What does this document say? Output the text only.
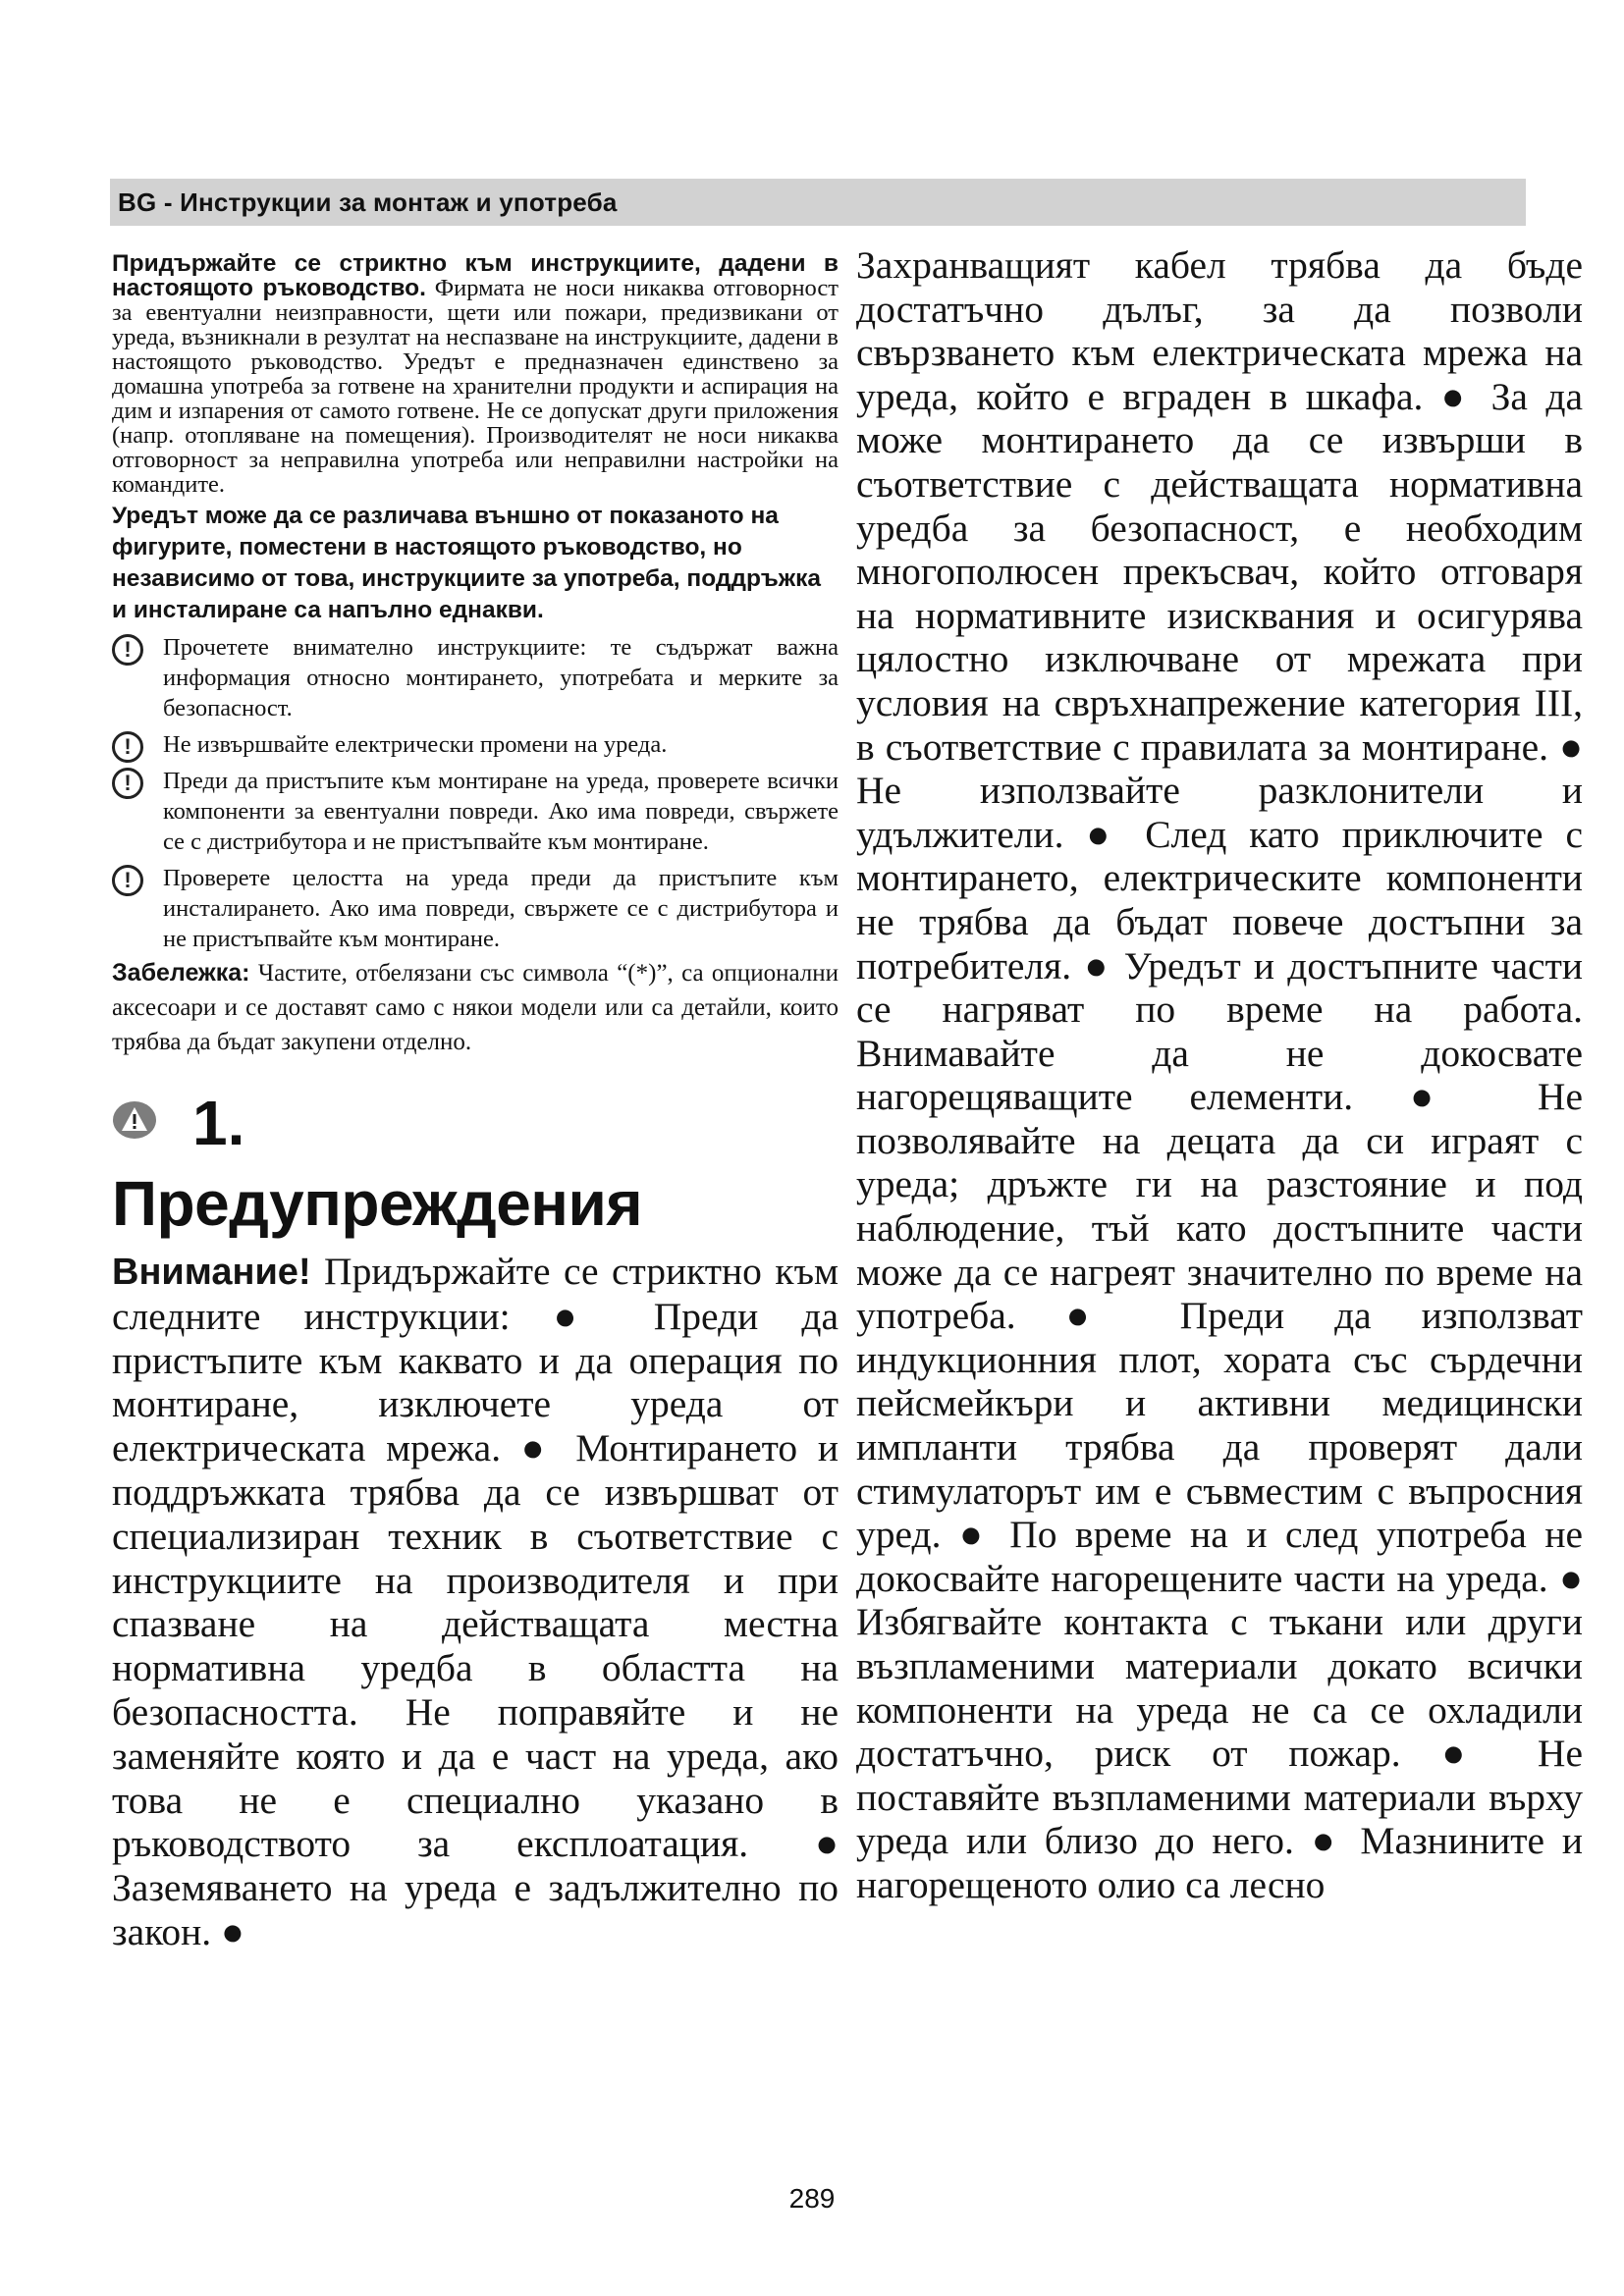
BG - Инструкции за монтаж и употреба

Придържайте се стриктно към инструкциите, дадени в настоящото ръководство. Фирмата не носи никаква отговорност за евентуални неизправности, щети или пожари, предизвикани от уреда, възникнали в резултат на неспазване на инструкциите, дадени в настоящото ръководство. Уредът е предназначен единствено за домашна употреба за готвене на хранителни продукти и аспирация на дим и изпарения от самото готвене. Не се допускат други приложения (напр. отопляване на помещения). Производителят не носи никаква отговорност за неправилна употреба или неправилни настройки на командите.

Уредът може да се различава външно от показаното на фигурите, поместени в настоящото ръководство, но независимо от това, инструкциите за употреба, поддръжка и инсталиране са напълно еднакви.

!	Прочетете внимателно инструкциите: те съдържат важна информация относно монтирането, употребата и мерките за безопасност.
!	Не извършвайте електрически промени на уреда.
!	Преди да пристъпите към монтиране на уреда, проверете всички компоненти за евентуални повреди. Ако има повреди, свържете се с дистрибутора и не пристъпвайте към монтиране.
!	Проверете целостта на уреда преди да пристъпите към инсталирането. Ако има повреди, свържете се с дистрибутора и не пристъпвайте към монтиране.

Забележка: Частите, отбелязани със символа “(*)”, са опционални аксесоари и се доставят само с някои модели или са детайли, които трябва да бъдат закупени отделно.

1.
Предупреждения

Внимание! Придържайте се стриктно към следните инструкции: ● Преди да пристъпите към каквато и да операция по монтиране, изключете уреда от електрическата мрежа. ● Монтирането и поддръжката трябва да се извършват от специализиран техник в съответствие с инструкциите на производителя и при спазване на действащата местна нормативна уредба в областта на безопасността. Не поправяйте и не заменяйте която и да е част на уреда, ако това не е специално указано в ръководството за експлоатация. ● Заземяването на уреда е задължително по закон. ●

Захранващият кабел трябва да бъде достатъчно дълъг, за да позволи свързването към електрическата мрежа на уреда, който е вграден в шкафа. ● За да може монтирането да се извърши в съответствие с действащата нормативна уредба за безопасност, е необходим многополюсен прекъсвач, който отговаря на нормативните изисквания и осигурява цялостно изключване от мрежата при условия на свръхнапрежение категория III, в съответствие с правилата за монтиране. ● Не използвайте разклонители и удължители. ● След като приключите с монтирането, електрическите компоненти не трябва да бъдат повече достъпни за потребителя. ● Уредът и достъпните части се нагряват по време на работа. Внимавайте да не докосвате нагорещяващите елементи. ● Не позволявайте на децата да си играят с уреда; дръжте ги на разстояние и под наблюдение, тъй като достъпните части може да се нагреят значително по време на употреба. ● Преди да използват индукционния плот, хората със сърдечни пейсмейкъри и активни медицински импланти трябва да проверят дали стимулаторът им е съвместим с въпросния уред. ● По време на и след употреба не докосвайте нагорещените части на уреда. ● Избягвайте контакта с тъкани или други възпламеними материали докато всички компоненти на уреда не са се охладили достатъчно, риск от пожар. ● Не поставяйте възпламеними материали върху уреда или близо до него. ● Мазнините и нагорещеното олио са лесно
289
